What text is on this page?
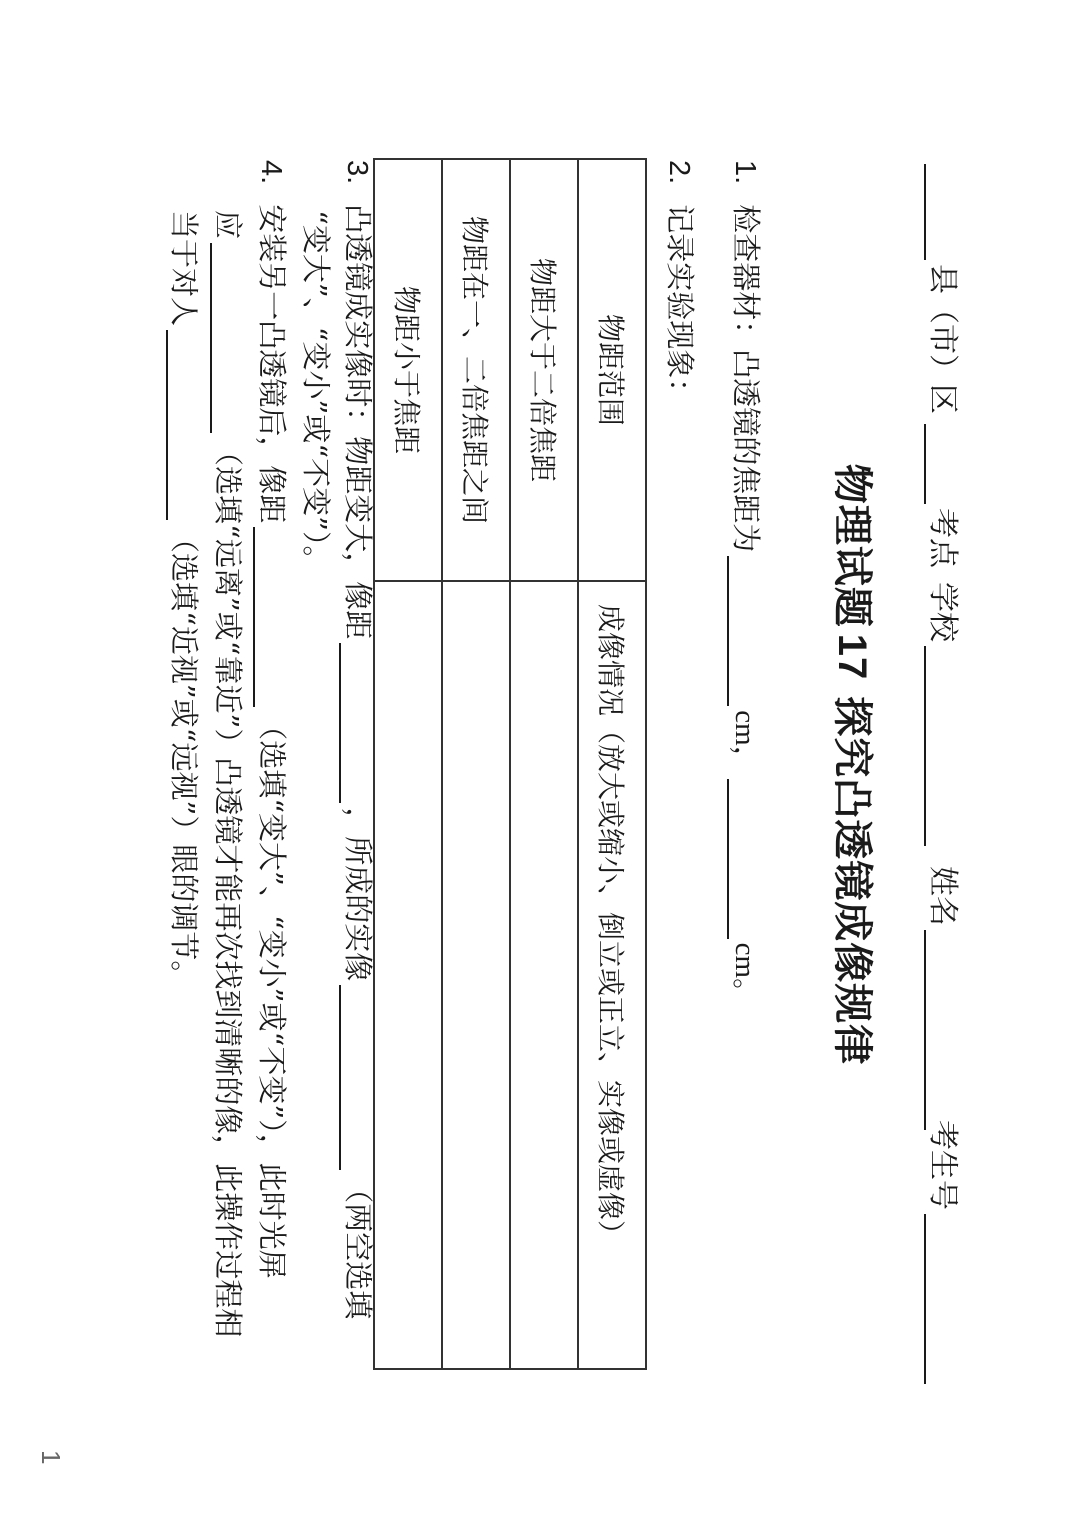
县（市）区
考点
学校
姓名
考生号
物理试题17探究凸透镜成像规律
1.检查器材：凸透镜的焦距为cm，cm。
2.记录实验现象：
物距范围	成像情况（放大或缩小、倒立或正立、实像或虚像）
物距大于二倍焦距	
物距在一、二倍焦距之间	
物距小于焦距	
3.凸透镜成实像时：物距变大，像距，所成的实像（两空选填
“变大”、“变小”或“不变”）。
4.安装另一凸透镜后，像距（选填“变大”、“变小”或“不变”），此时光屏
应（选填“远离”或“靠近”）凸透镜才能再次找到清晰的像，此操作过程相
当于对人（选填“近视”或“远视”）眼的调节。
1
